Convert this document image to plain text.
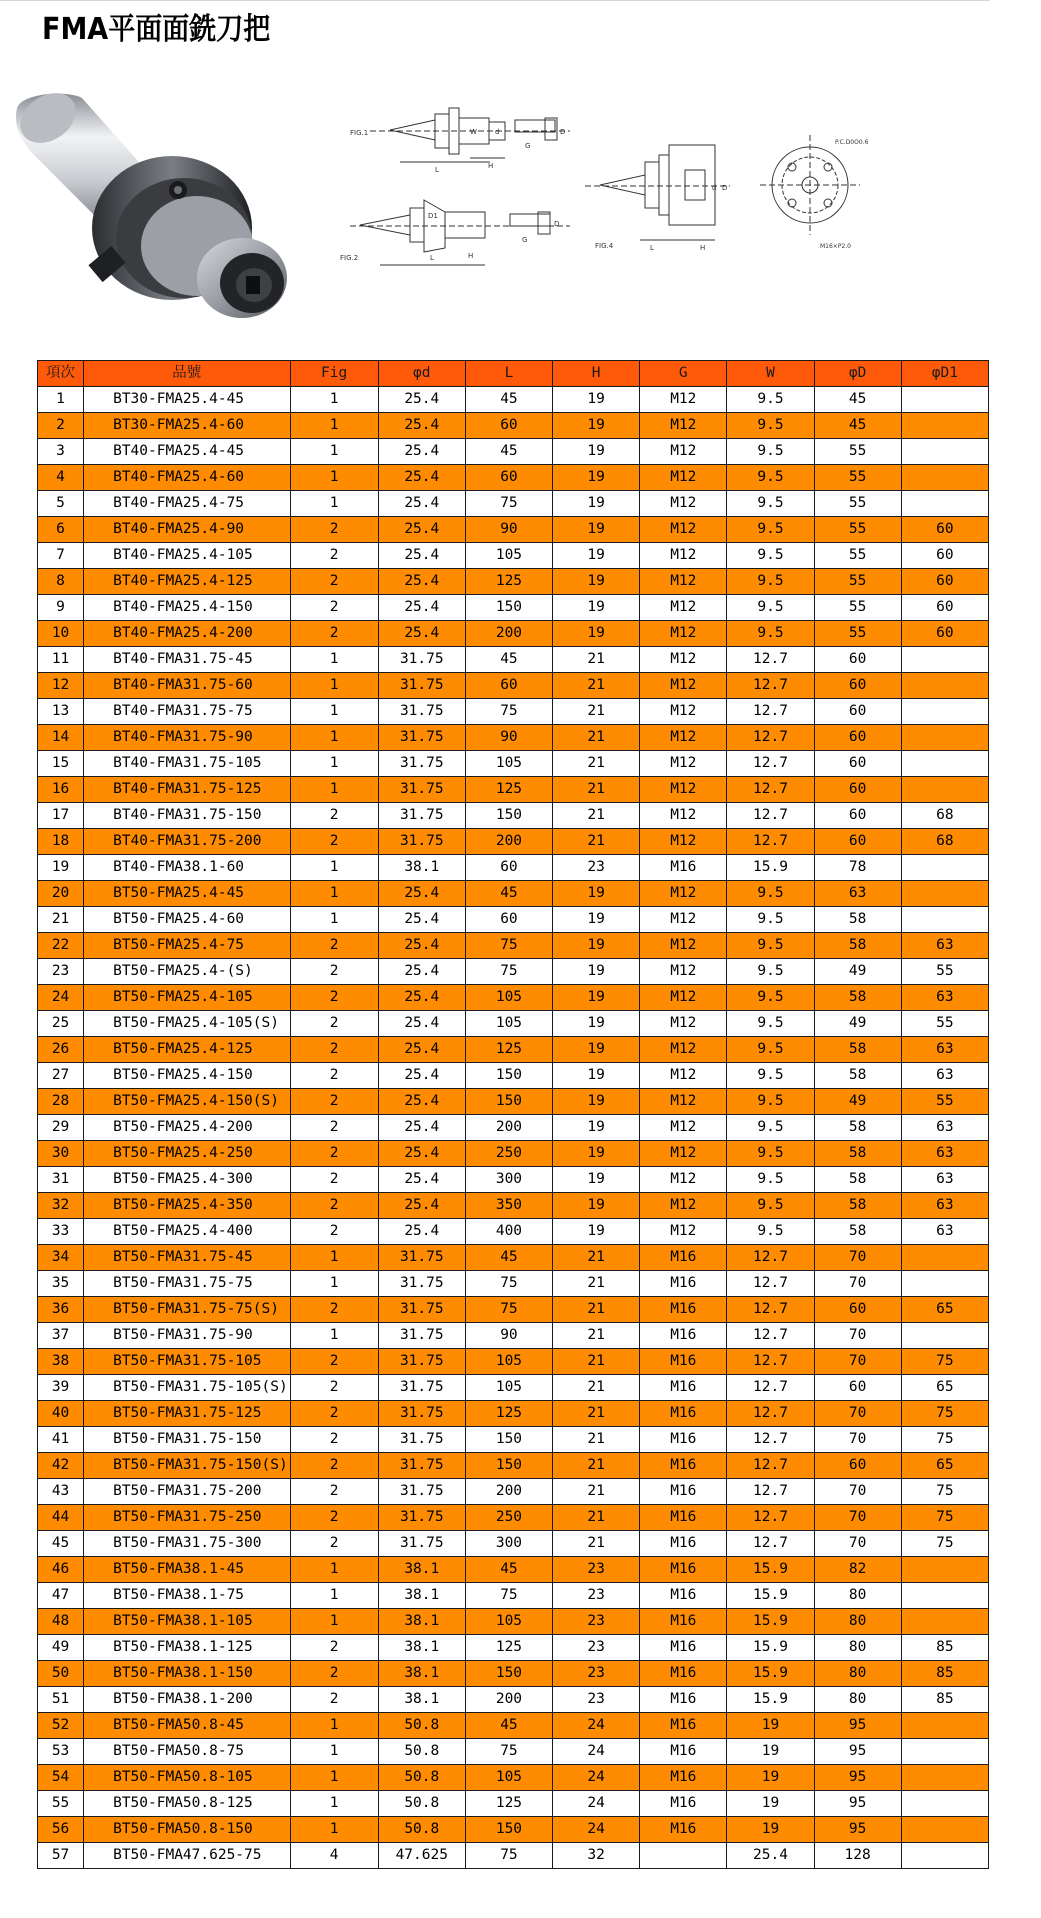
FMA平面面銑刀把
FIG.1
L	H
G
W	d	D
FIG.2	L	H
G
D1
D
FIG.4	L	H
d D
P.C.D0O0.6
M16×P2.0
項次	品號	Fig	φd	L	H	G	W	φD	φD1
1	BT30-FMA25.4-45	1	25.4	45	19	M12	9.5	45	
2	BT30-FMA25.4-60	1	25.4	60	19	M12	9.5	45	
3	BT40-FMA25.4-45	1	25.4	45	19	M12	9.5	55	
4	BT40-FMA25.4-60	1	25.4	60	19	M12	9.5	55	
5	BT40-FMA25.4-75	1	25.4	75	19	M12	9.5	55	
6	BT40-FMA25.4-90	2	25.4	90	19	M12	9.5	55	60
7	BT40-FMA25.4-105	2	25.4	105	19	M12	9.5	55	60
8	BT40-FMA25.4-125	2	25.4	125	19	M12	9.5	55	60
9	BT40-FMA25.4-150	2	25.4	150	19	M12	9.5	55	60
10	BT40-FMA25.4-200	2	25.4	200	19	M12	9.5	55	60
11	BT40-FMA31.75-45	1	31.75	45	21	M12	12.7	60	
12	BT40-FMA31.75-60	1	31.75	60	21	M12	12.7	60	
13	BT40-FMA31.75-75	1	31.75	75	21	M12	12.7	60	
14	BT40-FMA31.75-90	1	31.75	90	21	M12	12.7	60	
15	BT40-FMA31.75-105	1	31.75	105	21	M12	12.7	60	
16	BT40-FMA31.75-125	1	31.75	125	21	M12	12.7	60	
17	BT40-FMA31.75-150	2	31.75	150	21	M12	12.7	60	68
18	BT40-FMA31.75-200	2	31.75	200	21	M12	12.7	60	68
19	BT40-FMA38.1-60	1	38.1	60	23	M16	15.9	78	
20	BT50-FMA25.4-45	1	25.4	45	19	M12	9.5	63	
21	BT50-FMA25.4-60	1	25.4	60	19	M12	9.5	58	
22	BT50-FMA25.4-75	2	25.4	75	19	M12	9.5	58	63
23	BT50-FMA25.4-(S)	2	25.4	75	19	M12	9.5	49	55
24	BT50-FMA25.4-105	2	25.4	105	19	M12	9.5	58	63
25	BT50-FMA25.4-105(S)	2	25.4	105	19	M12	9.5	49	55
26	BT50-FMA25.4-125	2	25.4	125	19	M12	9.5	58	63
27	BT50-FMA25.4-150	2	25.4	150	19	M12	9.5	58	63
28	BT50-FMA25.4-150(S)	2	25.4	150	19	M12	9.5	49	55
29	BT50-FMA25.4-200	2	25.4	200	19	M12	9.5	58	63
30	BT50-FMA25.4-250	2	25.4	250	19	M12	9.5	58	63
31	BT50-FMA25.4-300	2	25.4	300	19	M12	9.5	58	63
32	BT50-FMA25.4-350	2	25.4	350	19	M12	9.5	58	63
33	BT50-FMA25.4-400	2	25.4	400	19	M12	9.5	58	63
34	BT50-FMA31.75-45	1	31.75	45	21	M16	12.7	70	
35	BT50-FMA31.75-75	1	31.75	75	21	M16	12.7	70	
36	BT50-FMA31.75-75(S)	2	31.75	75	21	M16	12.7	60	65
37	BT50-FMA31.75-90	1	31.75	90	21	M16	12.7	70	
38	BT50-FMA31.75-105	2	31.75	105	21	M16	12.7	70	75
39	BT50-FMA31.75-105(S)	2	31.75	105	21	M16	12.7	60	65
40	BT50-FMA31.75-125	2	31.75	125	21	M16	12.7	70	75
41	BT50-FMA31.75-150	2	31.75	150	21	M16	12.7	70	75
42	BT50-FMA31.75-150(S)	2	31.75	150	21	M16	12.7	60	65
43	BT50-FMA31.75-200	2	31.75	200	21	M16	12.7	70	75
44	BT50-FMA31.75-250	2	31.75	250	21	M16	12.7	70	75
45	BT50-FMA31.75-300	2	31.75	300	21	M16	12.7	70	75
46	BT50-FMA38.1-45	1	38.1	45	23	M16	15.9	82	
47	BT50-FMA38.1-75	1	38.1	75	23	M16	15.9	80	
48	BT50-FMA38.1-105	1	38.1	105	23	M16	15.9	80	
49	BT50-FMA38.1-125	2	38.1	125	23	M16	15.9	80	85
50	BT50-FMA38.1-150	2	38.1	150	23	M16	15.9	80	85
51	BT50-FMA38.1-200	2	38.1	200	23	M16	15.9	80	85
52	BT50-FMA50.8-45	1	50.8	45	24	M16	19	95	
53	BT50-FMA50.8-75	1	50.8	75	24	M16	19	95	
54	BT50-FMA50.8-105	1	50.8	105	24	M16	19	95	
55	BT50-FMA50.8-125	1	50.8	125	24	M16	19	95	
56	BT50-FMA50.8-150	1	50.8	150	24	M16	19	95	
57	BT50-FMA47.625-75	4	47.625	75	32		25.4	128	
